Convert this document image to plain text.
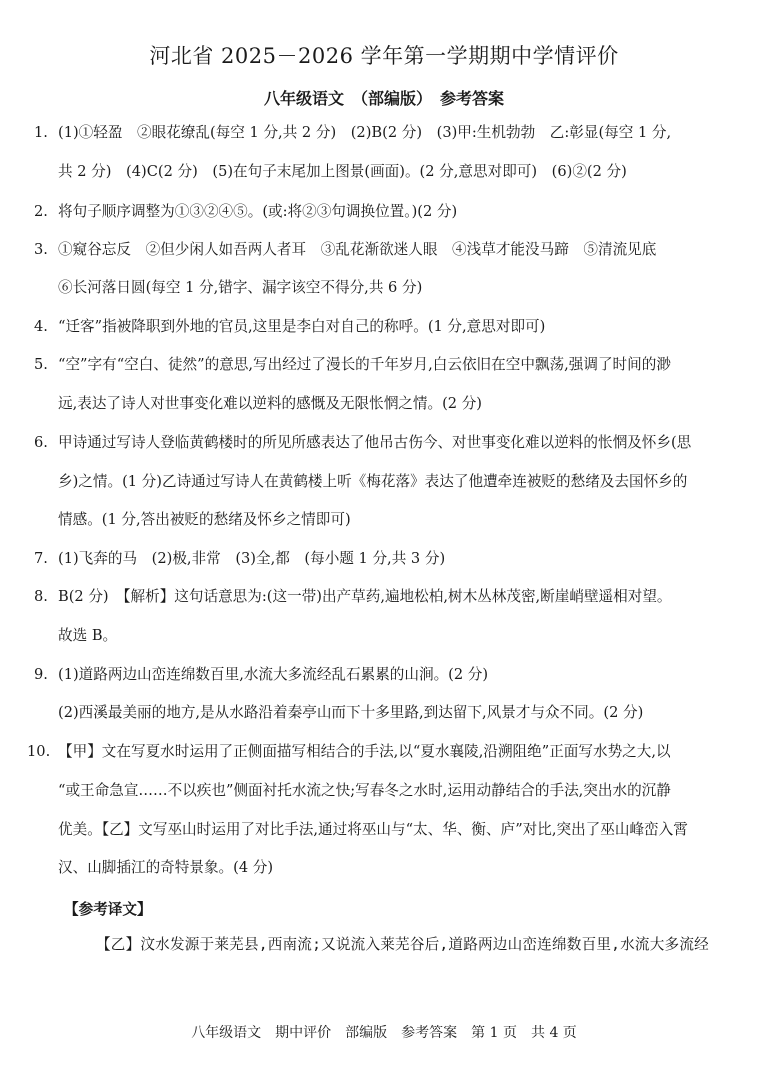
河北省 2025－2026 学年第一学期期中学情评价
八年级语文　（部编版）　参考答案
1. (1)①轻盈　②眼花缭乱(每空 1 分,共 2 分)　(2)B(2 分)　(3)甲:生机勃勃　乙:彰显(每空 1 分,
共 2 分)　(4)C(2 分)　(5)在句子末尾加上图景(画面)。(2 分,意思对即可)　(6)②(2 分)
2. 将句子顺序调整为①③②④⑤。(或:将②③句调换位置。)(2 分)
3. ①窥谷忘反　②但少闲人如吾两人者耳　③乱花渐欲迷人眼　④浅草才能没马蹄　⑤清流见底
⑥长河落日圆(每空 1 分,错字、漏字该空不得分,共 6 分)
4. “迁客”指被降职到外地的官员,这里是李白对自己的称呼。(1 分,意思对即可)
5. “空”字有“空白、徒然”的意思,写出经过了漫长的千年岁月,白云依旧在空中飘荡,强调了时间的渺
远,表达了诗人对世事变化难以逆料的感慨及无限怅惘之情。(2 分)
6. 甲诗通过写诗人登临黄鹤楼时的所见所感表达了他吊古伤今、对世事变化难以逆料的怅惘及怀乡(思
乡)之情。(1 分)乙诗通过写诗人在黄鹤楼上听《梅花落》表达了他遭牵连被贬的愁绪及去国怀乡的
情感。(1 分,答出被贬的愁绪及怀乡之情即可)
7. (1)飞奔的马　(2)极,非常　(3)全,都　(每小题 1 分,共 3 分)
8. B(2 分)　【解析】这句话意思为:(这一带)出产草药,遍地松柏,树木丛林茂密,断崖峭壁遥相对望。
故选 B。
9. (1)道路两边山峦连绵数百里,水流大多流经乱石累累的山涧。(2 分)
(2)西溪最美丽的地方,是从水路沿着秦亭山而下十多里路,到达留下,风景才与众不同。(2 分)
10. 【甲】文在写夏水时运用了正侧面描写相结合的手法,以“夏水襄陵,沿溯阻绝”正面写水势之大,以
“或王命急宣……不以疾也”侧面衬托水流之快;写春冬之水时,运用动静结合的手法,突出水的沉静
优美。【乙】文写巫山时运用了对比手法,通过将巫山与“太、华、衡、庐”对比,突出了巫山峰峦入霄
汉、山脚插江的奇特景象。(4 分)
【参考译文】
【乙】汶水发源于莱芜县,西南流;又说流入莱芜谷后,道路两边山峦连绵数百里,水流大多流经
八年级语文　期中评价　部编版　参考答案　第 1 页　共 4 页
